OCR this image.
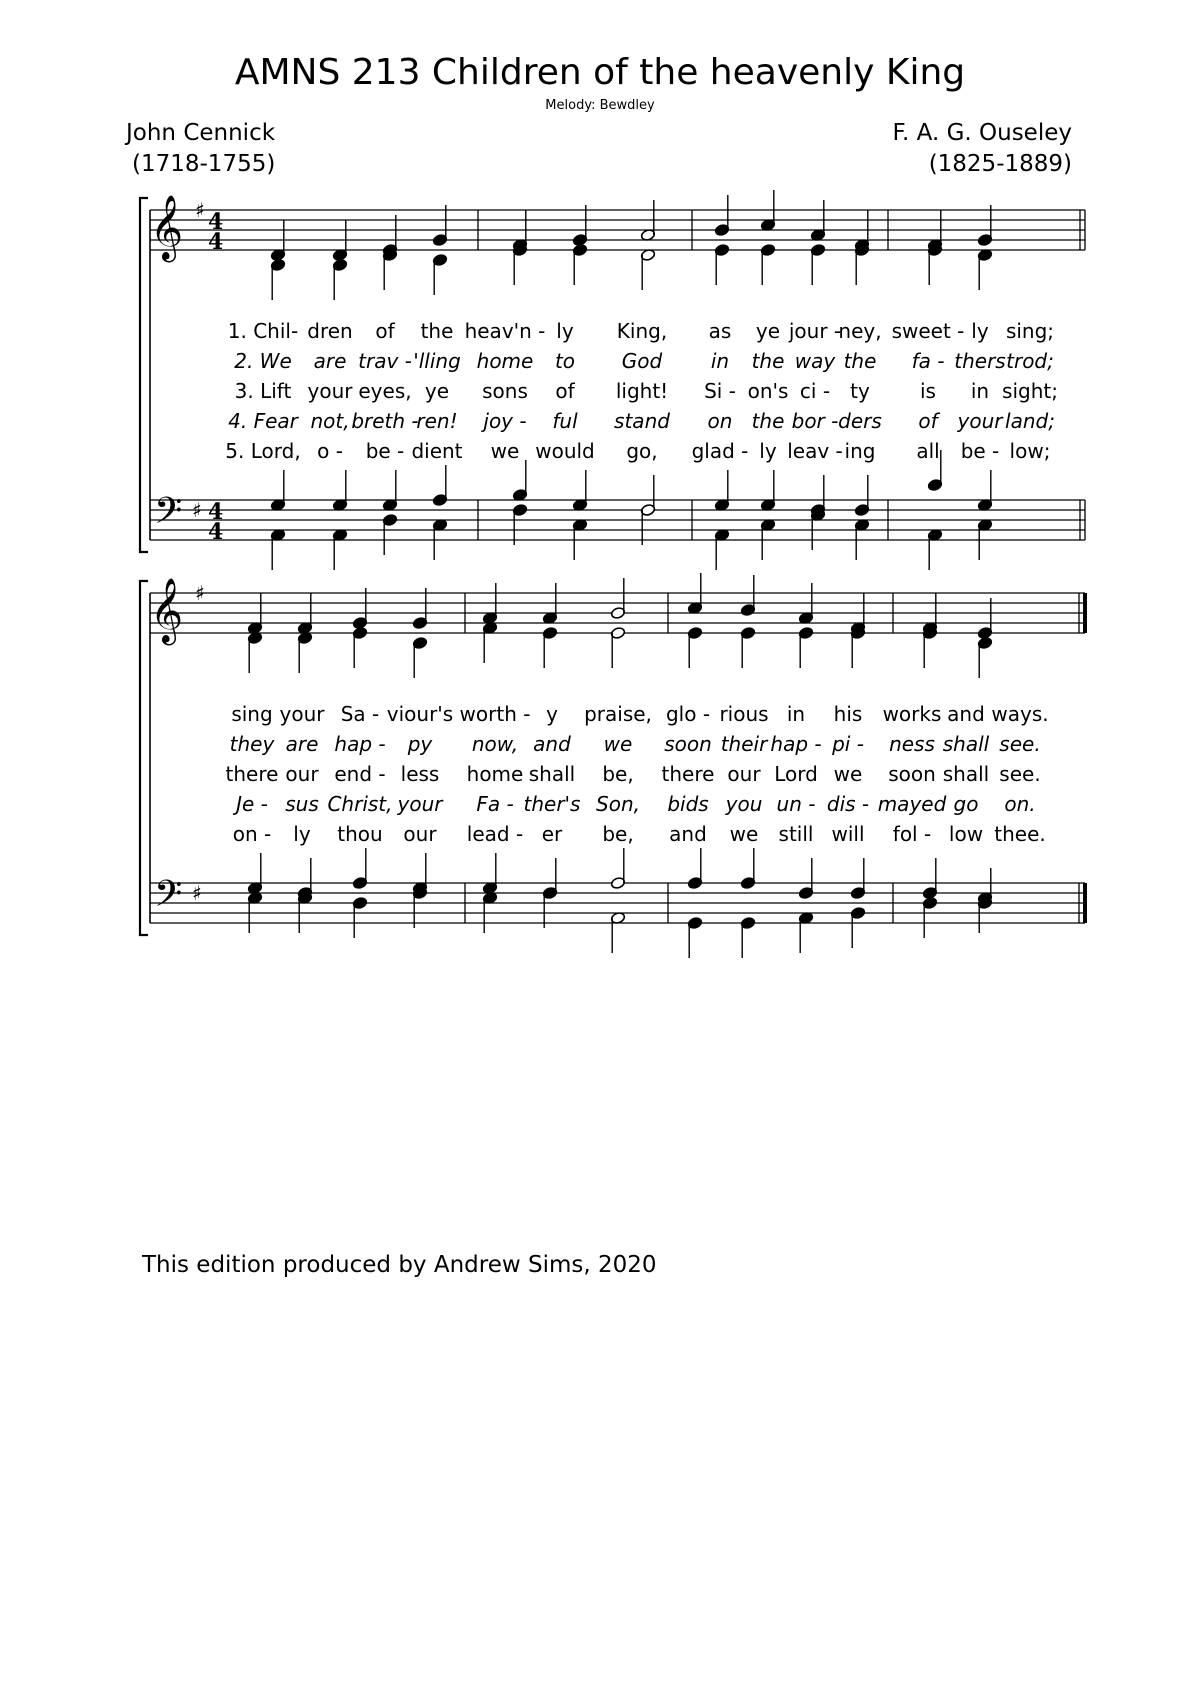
AMNS 213 Children of the heavenly King
Melody: Bewdley
John Cennick
(1718-1755)
F. A. G. Ouseley
(1825-1889)
𝄞
𝄢
♯
♯
4
4
4
4
1. Chil- dren of the heav'n - ly King, as ye jour -
ney, sweet - ly sing;
2. We are trav - 'lling home to God in the way the fa - thers trod;
3. Lift your eyes, ye sons of light! Si - on's ci - ty	is in sight;
4. Fear not, breth -
ren! joy - ful stand on the bor - ders of your land;
5. Lord, o - be - dient we would go, glad - ly leav - ing all be - low;
𝄞
𝄢
♯
♯
sing your Sa - viour's worth - y praise, glo - rious in his works and ways.
they are hap - py now, and we soon their hap - pi - ness shall see.
there our end - less home shall be, there our Lord we soon shall see.
Je - sus Christ, your Fa - ther's Son, bids you un - dis - mayed go on.
on - ly thou our lead - er be, and we still will fol - low thee.
This edition produced by Andrew Sims, 2020
